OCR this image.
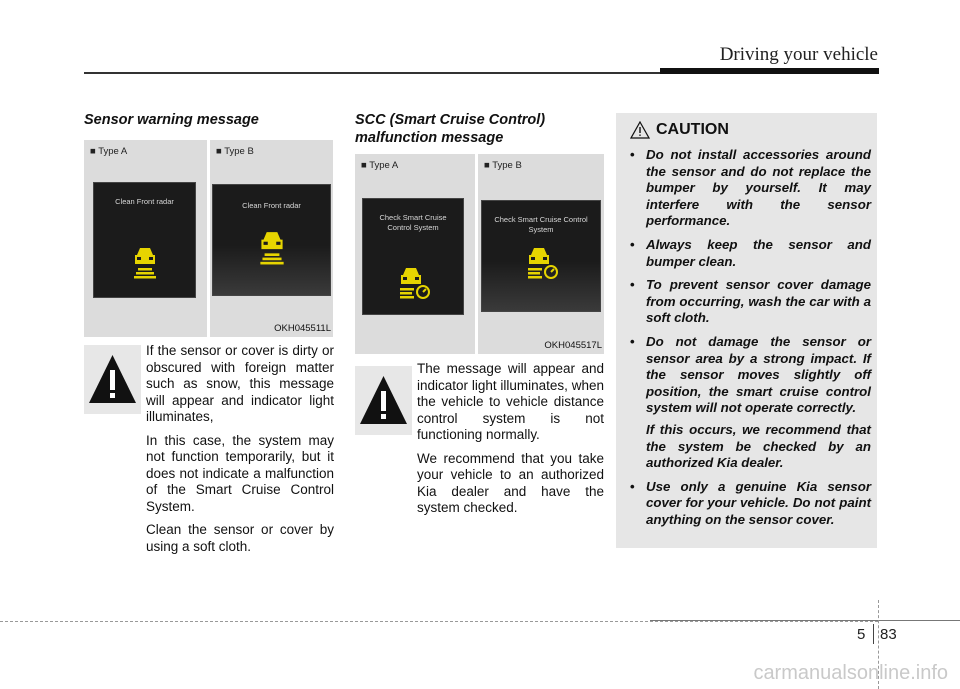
Driving your vehicle
Sensor warning message
■ Type A
Clean Front radar
■ Type B
Clean Front radar
OKH045511L

If the sensor or cover is dirty or obscured with foreign matter such as snow, this message will appear and indicator light illuminates,

In this case, the system may not function temporarily, but it does not indicate a malfunction of the Smart Cruise Control System.

Clean the sensor or cover by using a soft cloth.

SCC (Smart Cruise Control)
malfunction message
■ Type A
Check Smart Cruise Control System
■ Type B
Check Smart Cruise Control System
OKH045517L

The message will appear and indicator light illuminates, when the vehicle to vehicle distance control system is not functioning normally.

We recommend that you take your vehicle to an authorized Kia dealer and have the system checked.

CAUTION
• Do not install accessories around the sensor and do not replace the bumper by yourself. It may interfere with the sensor performance.
• Always keep the sensor and bumper clean.
• To prevent sensor cover damage from occurring, wash the car with a soft cloth.
• Do not damage the sensor or sensor area by a strong impact. If the sensor moves slightly off position, the smart cruise control system will not operate correctly.
If this occurs, we recommend that the system be checked by an authorized Kia dealer.
• Use only a genuine Kia sensor cover for your vehicle. Do not paint anything on the sensor cover.
5 83
carmanualsonline.info
